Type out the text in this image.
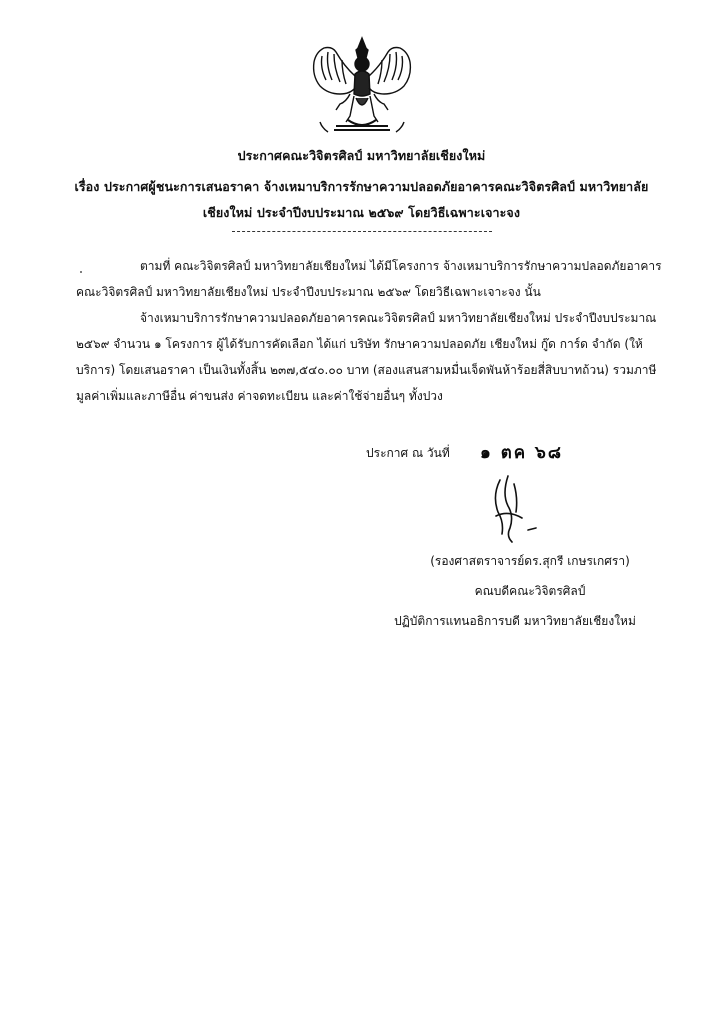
ประกาศคณะวิจิตรศิลป์ มหาวิทยาลัยเชียงใหม่
เรื่อง ประกาศผู้ชนะการเสนอราคา จ้างเหมาบริการรักษาความปลอดภัยอาคารคณะวิจิตรศิลป์ มหาวิทยาลัย
เชียงใหม่ ประจำปีงบประมาณ ๒๕๖๙ โดยวิธีเฉพาะเจาะจง
ตามที่ คณะวิจิตรศิลป์ มหาวิทยาลัยเชียงใหม่ ได้มีโครงการ จ้างเหมาบริการรักษาความปลอดภัยอาคาร
คณะวิจิตรศิลป์ มหาวิทยาลัยเชียงใหม่ ประจำปีงบประมาณ ๒๕๖๙ โดยวิธีเฉพาะเจาะจง นั้น
จ้างเหมาบริการรักษาความปลอดภัยอาคารคณะวิจิตรศิลป์ มหาวิทยาลัยเชียงใหม่ ประจำปีงบประมาณ
๒๕๖๙ จำนวน ๑ โครงการ ผู้ได้รับการคัดเลือก ได้แก่ บริษัท รักษาความปลอดภัย เชียงใหม่ กู๊ด การ์ด จำกัด (ให้
บริการ) โดยเสนอราคา เป็นเงินทั้งสิ้น ๒๓๗,๕๔๐.๐๐ บาท (สองแสนสามหมื่นเจ็ดพันห้าร้อยสี่สิบบาทถ้วน) รวมภาษี
มูลค่าเพิ่มและภาษีอื่น ค่าขนส่ง ค่าจดทะเบียน และค่าใช้จ่ายอื่นๆ ทั้งปวง
ประกาศ ณ วันที่ ๑ ตค ๖๘
(รองศาสตราจารย์ดร.สุกรี เกษรเกศรา)
คณบดีคณะวิจิตรศิลป์
ปฏิบัติการแทนอธิการบดี มหาวิทยาลัยเชียงใหม่
